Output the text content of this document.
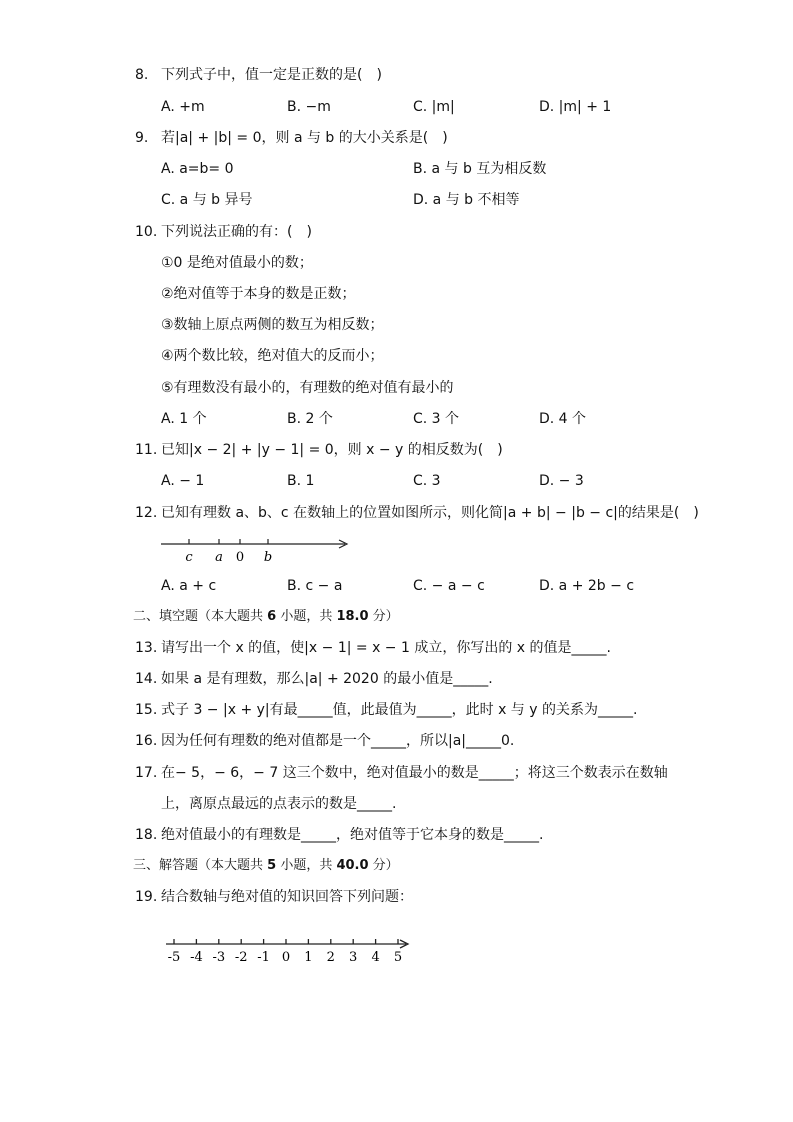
8. 下列式子中，值一定是正数的是(　)
A. +m	B. −m	C. |m|	D. |m| + 1
9. 若|a| + |b| = 0，则 a 与 b 的大小关系是(　)
A. a=b= 0	B. a 与 b 互为相反数
C. a 与 b 异号	D. a 与 b 不相等
10. 下列说法正确的有：(　)
①0 是绝对值最小的数；
②绝对值等于本身的数是正数；
③数轴上原点两侧的数互为相反数；
④两个数比较，绝对值大的反而小；
⑤有理数没有最小的，有理数的绝对值有最小的
A. 1 个	B. 2 个	C. 3 个	D. 4 个
11. 已知|x − 2| + |y − 1| = 0，则 x − y 的相反数为(　)
A. − 1	B. 1	C. 3	D. − 3
12. 已知有理数 a、b、c 在数轴上的位置如图所示，则化简|a + b| − |b − c|的结果是(　)
c a 0 b
A. a + c	B. c − a	C. − a − c	D. a + 2b − c
二、填空题（本大题共 6 小题，共 18.0 分）
13. 请写出一个 x 的值，使|x − 1| = x − 1 成立，你写出的 x 的值是_____.
14. 如果 a 是有理数，那么|a| + 2020 的最小值是_____.
15. 式子 3 − |x + y|有最_____值，此最值为_____，此时 x 与 y 的关系为_____.
16. 因为任何有理数的绝对值都是一个_____，所以|a|_____0.
17. 在− 5，− 6，− 7 这三个数中，绝对值最小的数是_____；将这三个数表示在数轴
上，离原点最远的点表示的数是_____.
18. 绝对值最小的有理数是_____，绝对值等于它本身的数是_____.
三、解答题（本大题共 5 小题，共 40.0 分）
19. 结合数轴与绝对值的知识回答下列问题：
-5 -4 -3 -2 -1 0 1 2 3 4 5
